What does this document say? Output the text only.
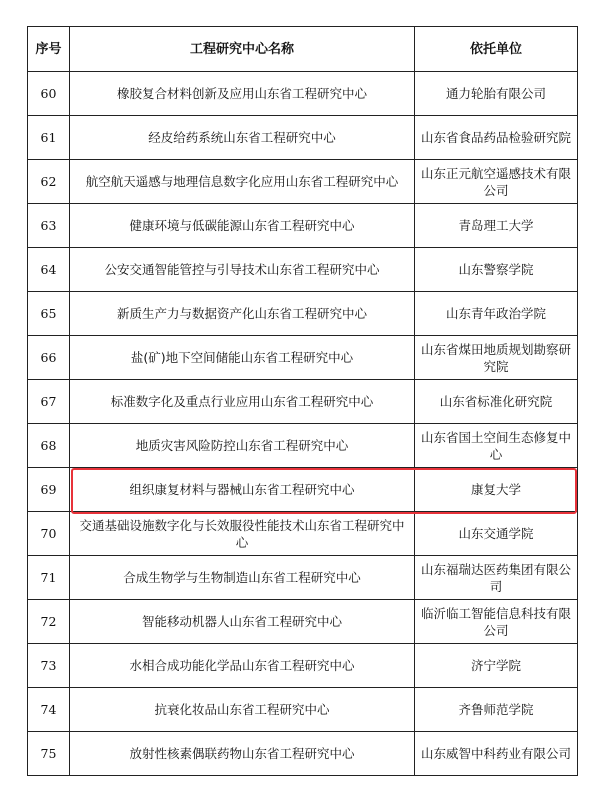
序号	工程研究中心名称	依托单位
60	橡胶复合材料创新及应用山东省工程研究中心	通力轮胎有限公司
61	经皮给药系统山东省工程研究中心	山东省食品药品检验研究院
62	航空航天遥感与地理信息数字化应用山东省工程研究中心	山东正元航空遥感技术有限公司
63	健康环境与低碳能源山东省工程研究中心	青岛理工大学
64	公安交通智能管控与引导技术山东省工程研究中心	山东警察学院
65	新质生产力与数据资产化山东省工程研究中心	山东青年政治学院
66	盐(矿)地下空间储能山东省工程研究中心	山东省煤田地质规划勘察研究院
67	标准数字化及重点行业应用山东省工程研究中心	山东省标准化研究院
68	地质灾害风险防控山东省工程研究中心	山东省国土空间生态修复中心
69	组织康复材料与器械山东省工程研究中心	康复大学
70	交通基础设施数字化与长效服役性能技术山东省工程研究中心	山东交通学院
71	合成生物学与生物制造山东省工程研究中心	山东福瑞达医药集团有限公司
72	智能移动机器人山东省工程研究中心	临沂临工智能信息科技有限公司
73	水相合成功能化学品山东省工程研究中心	济宁学院
74	抗衰化妆品山东省工程研究中心	齐鲁师范学院
75	放射性核素偶联药物山东省工程研究中心	山东威智中科药业有限公司
